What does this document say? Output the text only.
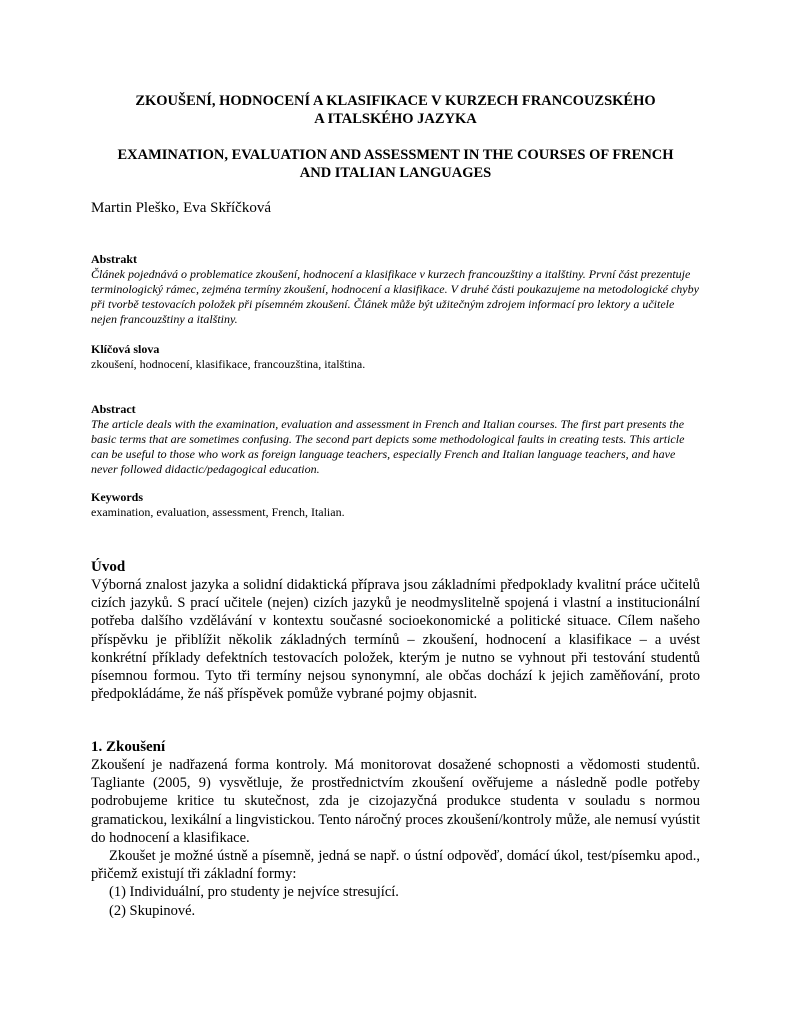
ZKOUŠENÍ, HODNOCENÍ A KLASIFIKACE V KURZECH FRANCOUZSKÉHO
A ITALSKÉHO JAZYKA
EXAMINATION, EVALUATION AND ASSESSMENT IN THE COURSES OF FRENCH
AND ITALIAN LANGUAGES

Martin Pleško, Eva Skříčková

Abstrakt

Článek pojednává o problematice zkoušení, hodnocení a klasifikace v kurzech francouzštiny a italštiny. První část prezentuje terminologický rámec, zejména termíny zkoušení, hodnocení a klasifikace. V druhé části poukazujeme na metodologické chyby při tvorbě testovacích položek při písemném zkoušení. Článek může být užitečným zdrojem informací pro lektory a učitele nejen francouzštiny a italštiny.

Klíčová slova

zkoušení, hodnocení, klasifikace, francouzština, italština.

Abstract

The article deals with the examination, evaluation and assessment in French and Italian courses. The first part presents the basic terms that are sometimes confusing. The second part depicts some methodological faults in creating tests. This article can be useful to those who work as foreign language teachers, especially French and Italian language teachers, and have never followed didactic/pedagogical education.

Keywords

examination, evaluation, assessment, French, Italian.

Úvod

Výborná znalost jazyka a solidní didaktická příprava jsou základními předpoklady kvalitní práce učitelů cizích jazyků. S prací učitele (nejen) cizích jazyků je neodmyslitelně spojená i vlastní a institucionální potřeba dalšího vzdělávání v kontextu současné socioekonomické a politické situace. Cílem našeho příspěvku je přiblížit několik základných termínů – zkoušení, hodnocení a klasifikace – a uvést konkrétní příklady defektních testovacích položek, kterým je nutno se vyhnout při testování studentů písemnou formou. Tyto tři termíny nejsou synonymní, ale občas dochází k jejich zaměňování, proto předpokládáme, že náš příspěvek pomůže vybrané pojmy objasnit.

1. Zkoušení

Zkoušení je nadřazená forma kontroly. Má monitorovat dosažené schopnosti a vědomosti studentů. Tagliante (2005, 9) vysvětluje, že prostřednictvím zkoušení ověřujeme a následně podle potřeby podrobujeme kritice tu skutečnost, zda je cizojazyčná produkce studenta v souladu s normou gramatickou, lexikální a lingvistickou. Tento náročný proces zkoušení/kontroly může, ale nemusí vyústit do hodnocení a klasifikace.

Zkoušet je možné ústně a písemně, jedná se např. o ústní odpověď, domácí úkol, test/písemku apod., přičemž existují tři základní formy:

(1) Individuální, pro studenty je nejvíce stresující.

(2) Skupinové.
